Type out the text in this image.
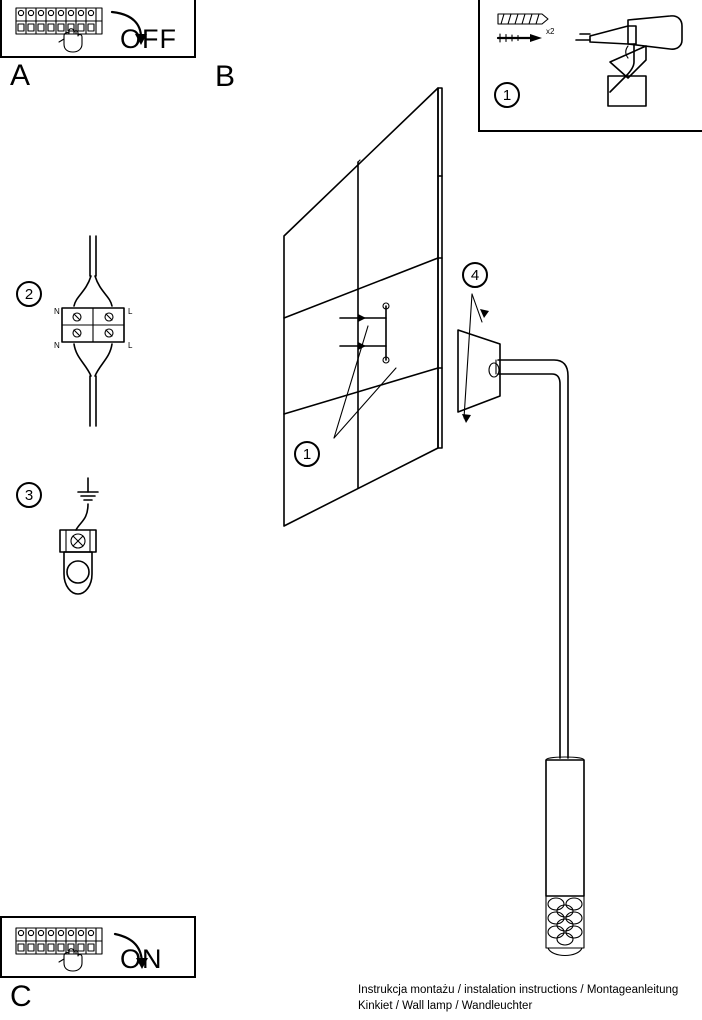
OFF
A	B
x2
1
2
N	L
N	L
3
ON
C
1
4
Instrukcja montażu / instalation instructions / Montageanleitung
Kinkiet / Wall lamp / Wandleuchter
